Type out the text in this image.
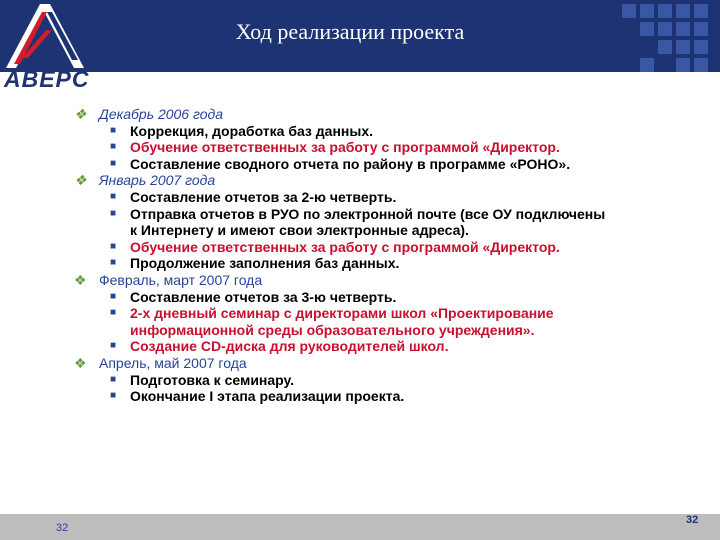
АВЕРС
Ход реализации проекта
❖ Декабрь 2006 года
■ Коррекция, доработка баз данных.
■ Обучение ответственных за работу с программой «Директор.
■ Составление сводного отчета по району в программе «РОНО».
❖ Январь 2007 года
■ Составление отчетов за 2-ю четверть.
■ Отправка отчетов в РУО по электронной почте (все ОУ подключены
к Интернету и имеют свои электронные адреса).
■ Обучение ответственных за работу с программой «Директор.
■ Продолжение заполнения баз данных.
❖ Февраль, март 2007 года
■ Составление отчетов за 3-ю четверть.
■ 2-х дневный семинар с директорами школ «Проектирование
информационной среды образовательного учреждения».
■ Создание CD-диска для руководителей школ.
❖ Апрель, май 2007 года
■ Подготовка к семинару.
■ Окончание I этапа реализации проекта.
32
32
